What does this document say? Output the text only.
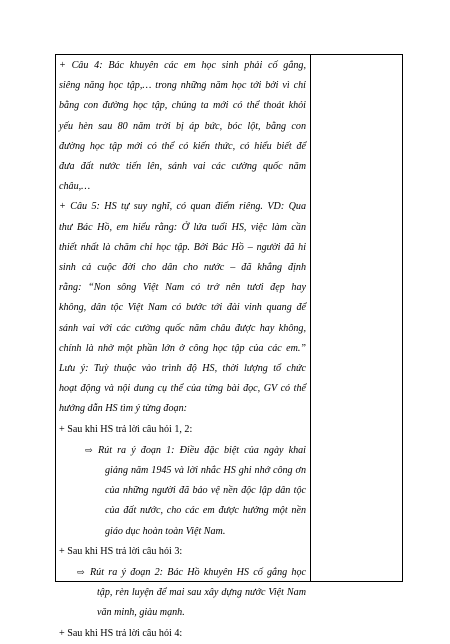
+ Câu 4: Bác khuyên các em học sinh phải cố gắng,
siêng năng học tập,… trong những năm học tới bởi vì chỉ
bằng con đường học tập, chúng ta mới có thể thoát khỏi
yếu hèn sau 80 năm trời bị áp bức, bóc lột, bằng con
đường học tập mới có thể có kiến thức, có hiểu biết để
đưa đất nước tiến lên, sánh vai các cường quốc năm
châu,…
+ Câu 5: HS tự suy nghĩ, có quan điểm riêng. VD: Qua
thư Bác Hồ, em hiểu rằng: Ở lứa tuổi HS, việc làm cần
thiết nhất là chăm chỉ học tập. Bởi Bác Hồ – người đã hi
sinh cả cuộc đời cho dân cho nước – đã khẳng định
rằng: “Non sông Việt Nam có trở nên tươi đẹp hay
không, dân tộc Việt Nam có bước tới đài vinh quang để
sánh vai với các cường quốc năm châu được hay không,
chính là nhờ một phần lớn ở công học tập của các em.”
Lưu ý: Tuỳ thuộc vào trình độ HS, thời lượng tổ chức
hoạt động và nội dung cụ thể của từng bài đọc, GV có thể
hướng dẫn HS tìm ý từng đoạn:
+ Sau khi HS trả lời câu hỏi 1, 2:
⇨ Rút ra ý đoạn 1: Điều đặc biệt của ngày khai
giảng năm 1945 và lời nhắc HS ghi nhớ công ơn
của những người đã bảo vệ nền độc lập dân tộc
của đất nước, cho các em được hưởng một nền
giáo dục hoàn toàn Việt Nam.
+ Sau khi HS trả lời câu hỏi 3:
⇨ Rút ra ý đoạn 2: Bác Hồ khuyên HS cố gắng học
tập, rèn luyện để mai sau xây dựng nước Việt Nam
văn minh, giàu mạnh.
+ Sau khi HS trả lời câu hỏi 4:
